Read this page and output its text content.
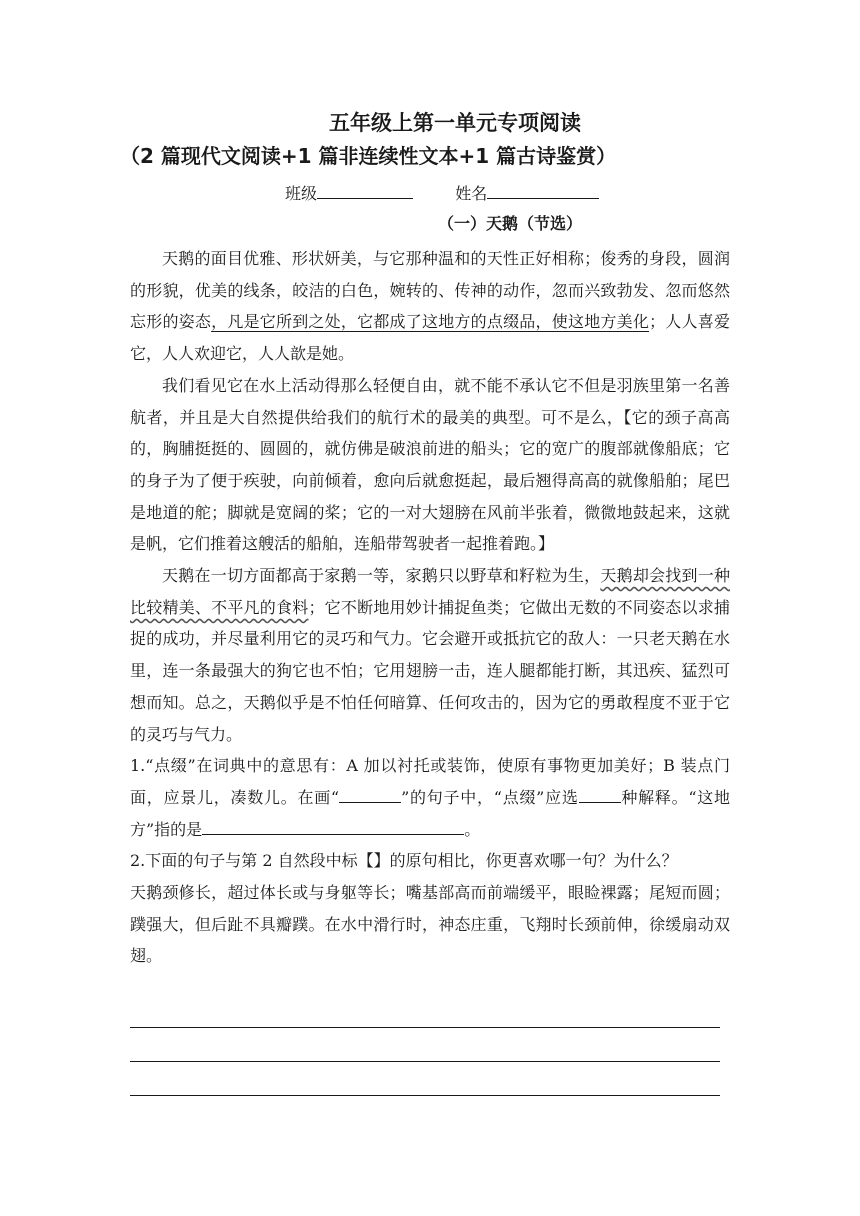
五年级上第一单元专项阅读
（2 篇现代文阅读+1 篇非连续性文本+1 篇古诗鉴赏）
班级	姓名
（一）天鹅（节选）

天鹅的面目优雅、形状妍美，与它那种温和的天性正好相称；俊秀的身段，圆润的形貌，优美的线条，皎洁的白色，婉转的、传神的动作，忽而兴致勃发、忽而悠然忘形的姿态，凡是它所到之处，它都成了这地方的点缀品，使这地方美化；人人喜爱它，人人欢迎它，人人歆是她。

我们看见它在水上活动得那么轻便自由，就不能不承认它不但是羽族里第一名善航者，并且是大自然提供给我们的航行术的最美的典型。可不是么，【它的颈子高高的，胸脯挺挺的、圆圆的，就仿佛是破浪前进的船头；它的宽广的腹部就像船底；它的身子为了便于疾驶，向前倾着，愈向后就愈挺起，最后翘得高高的就像船舶；尾巴是地道的舵；脚就是宽阔的桨；它的一对大翅膀在风前半张着，微微地鼓起来，这就是帆，它们推着这艘活的船舶，连船带驾驶者一起推着跑。】

天鹅在一切方面都高于家鹅一等，家鹅只以野草和籽粒为生，天鹅却会找到一种比较精美、不平凡的食料；它不断地用妙计捕捉鱼类；它做出无数的不同姿态以求捕捉的成功，并尽量利用它的灵巧和气力。它会避开或抵抗它的敌人：一只老天鹅在水里，连一条最强大的狗它也不怕；它用翅膀一击，连人腿都能打断，其迅疾、猛烈可想而知。总之，天鹅似乎是不怕任何暗算、任何攻击的，因为它的勇敢程度不亚于它的灵巧与气力。

1.“点缀”在词典中的意思有：A 加以衬托或装饰，使原有事物更加美好；B 装点门面，应景儿，凑数儿。在画“	”的句子中，“点缀”应选	种解释。“这地方”指的是	。

2.下面的句子与第 2 自然段中标【】的原句相比，你更喜欢哪一句？为什么？

天鹅颈修长，超过体长或与身躯等长；嘴基部高而前端缓平，眼睑裸露；尾短而圆；蹼强大，但后趾不具瓣蹼。在水中滑行时，神态庄重，飞翔时长颈前伸，徐缓扇动双翅。
